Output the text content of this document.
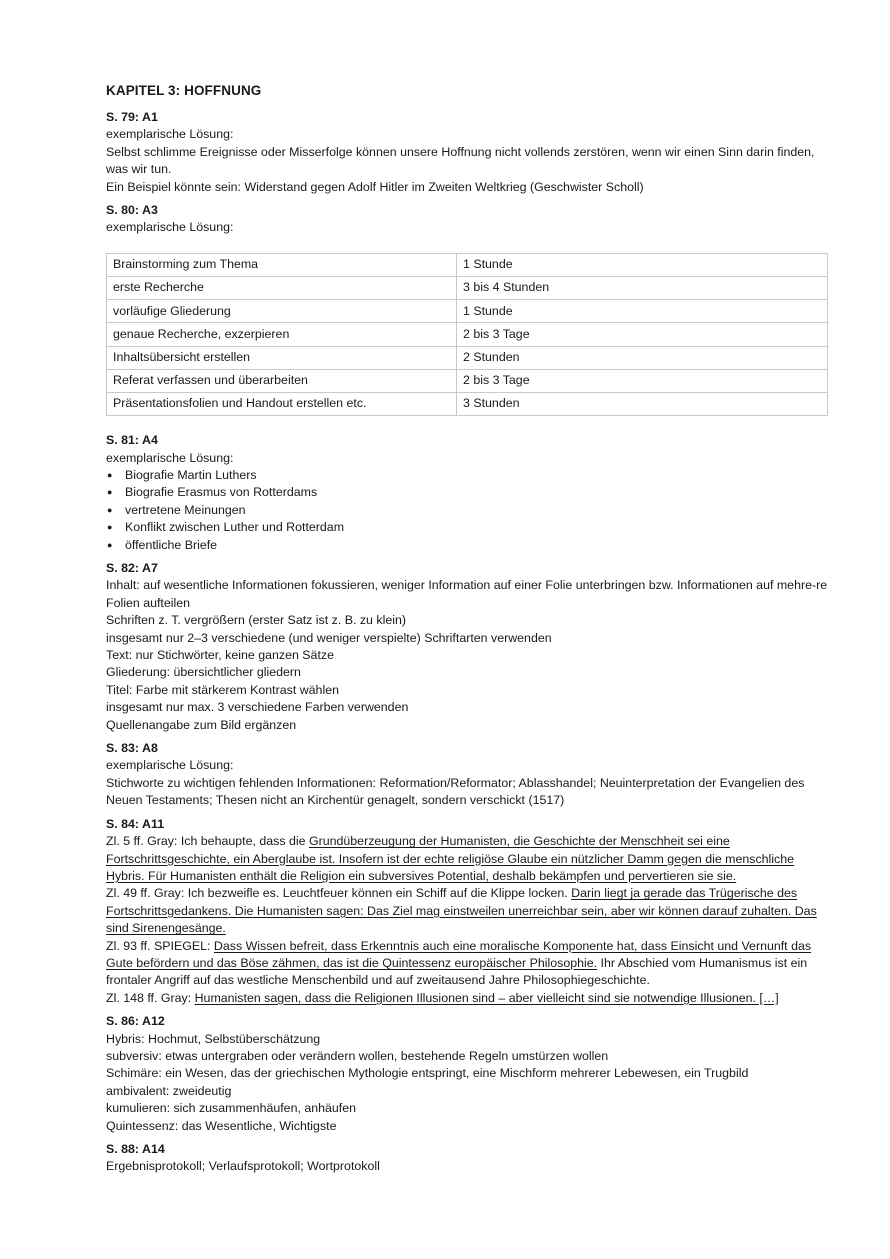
KAPITEL 3: HOFFNUNG
S. 79: A1

exemplarische Lösung:

Selbst schlimme Ereignisse oder Misserfolge können unsere Hoffnung nicht vollends zerstören, wenn wir einen Sinn darin finden, was wir tun.

Ein Beispiel könnte sein: Widerstand gegen Adolf Hitler im Zweiten Weltkrieg (Geschwister Scholl)

S. 80: A3

exemplarische Lösung:

Brainstorming zum Thema	1 Stunde
erste Recherche	3 bis 4 Stunden
vorläufige Gliederung	1 Stunde
genaue Recherche, exzerpieren	2 bis 3 Tage
Inhaltsübersicht erstellen	2 Stunden
Referat verfassen und überarbeiten	2 bis 3 Tage
Präsentationsfolien und Handout erstellen etc.	3 Stunden
S. 81: A4

exemplarische Lösung:

● Biografie Martin Luthers
● Biografie Erasmus von Rotterdams
● vertretene Meinungen
● Konflikt zwischen Luther und Rotterdam
● öffentliche Briefe
S. 82: A7

Inhalt: auf wesentliche Informationen fokussieren, weniger Information auf einer Folie unterbringen bzw. Informationen auf mehre-re Folien aufteilen

Schriften z. T. vergrößern (erster Satz ist z. B. zu klein)

insgesamt nur 2–3 verschiedene (und weniger verspielte) Schriftarten verwenden

Text: nur Stichwörter, keine ganzen Sätze

Gliederung: übersichtlicher gliedern

Titel: Farbe mit stärkerem Kontrast wählen

insgesamt nur max. 3 verschiedene Farben verwenden

Quellenangabe zum Bild ergänzen

S. 83: A8

exemplarische Lösung:

Stichworte zu wichtigen fehlenden Informationen: Reformation/Reformator; Ablasshandel; Neuinterpretation der Evangelien des Neuen Testaments; Thesen nicht an Kirchentür genagelt, sondern verschickt (1517)

S. 84: A11

Zl. 5 ff. Gray: Ich behaupte, dass die Grundüberzeugung der Humanisten, die Geschichte der Menschheit sei eine Fortschrittsgeschichte, ein Aberglaube ist. Insofern ist der echte religiöse Glaube ein nützlicher Damm gegen die menschliche Hybris. Für Humanisten enthält die Religion ein subversives Potential, deshalb bekämpfen und pervertieren sie sie.

Zl. 49 ff. Gray: Ich bezweifle es. Leuchtfeuer können ein Schiff auf die Klippe locken. Darin liegt ja gerade das Trügerische des Fortschrittsgedankens. Die Humanisten sagen: Das Ziel mag einstweilen unerreichbar sein, aber wir können darauf zuhalten. Das sind Sirenengesänge.

Zl. 93 ff. SPIEGEL: Dass Wissen befreit, dass Erkenntnis auch eine moralische Komponente hat, dass Einsicht und Vernunft das Gute befördern und das Böse zähmen, das ist die Quintessenz europäischer Philosophie. Ihr Abschied vom Humanismus ist ein frontaler Angriff auf das westliche Menschenbild und auf zweitausend Jahre Philosophiegeschichte.

Zl. 148 ff. Gray: Humanisten sagen, dass die Religionen Illusionen sind – aber vielleicht sind sie notwendige Illusionen. […]

S. 86: A12

Hybris: Hochmut, Selbstüberschätzung

subversiv: etwas untergraben oder verändern wollen, bestehende Regeln umstürzen wollen

Schimäre: ein Wesen, das der griechischen Mythologie entspringt, eine Mischform mehrerer Lebewesen, ein Trugbild

ambivalent: zweideutig

kumulieren: sich zusammenhäufen, anhäufen

Quintessenz: das Wesentliche, Wichtigste

S. 88: A14

Ergebnisprotokoll; Verlaufsprotokoll; Wortprotokoll
